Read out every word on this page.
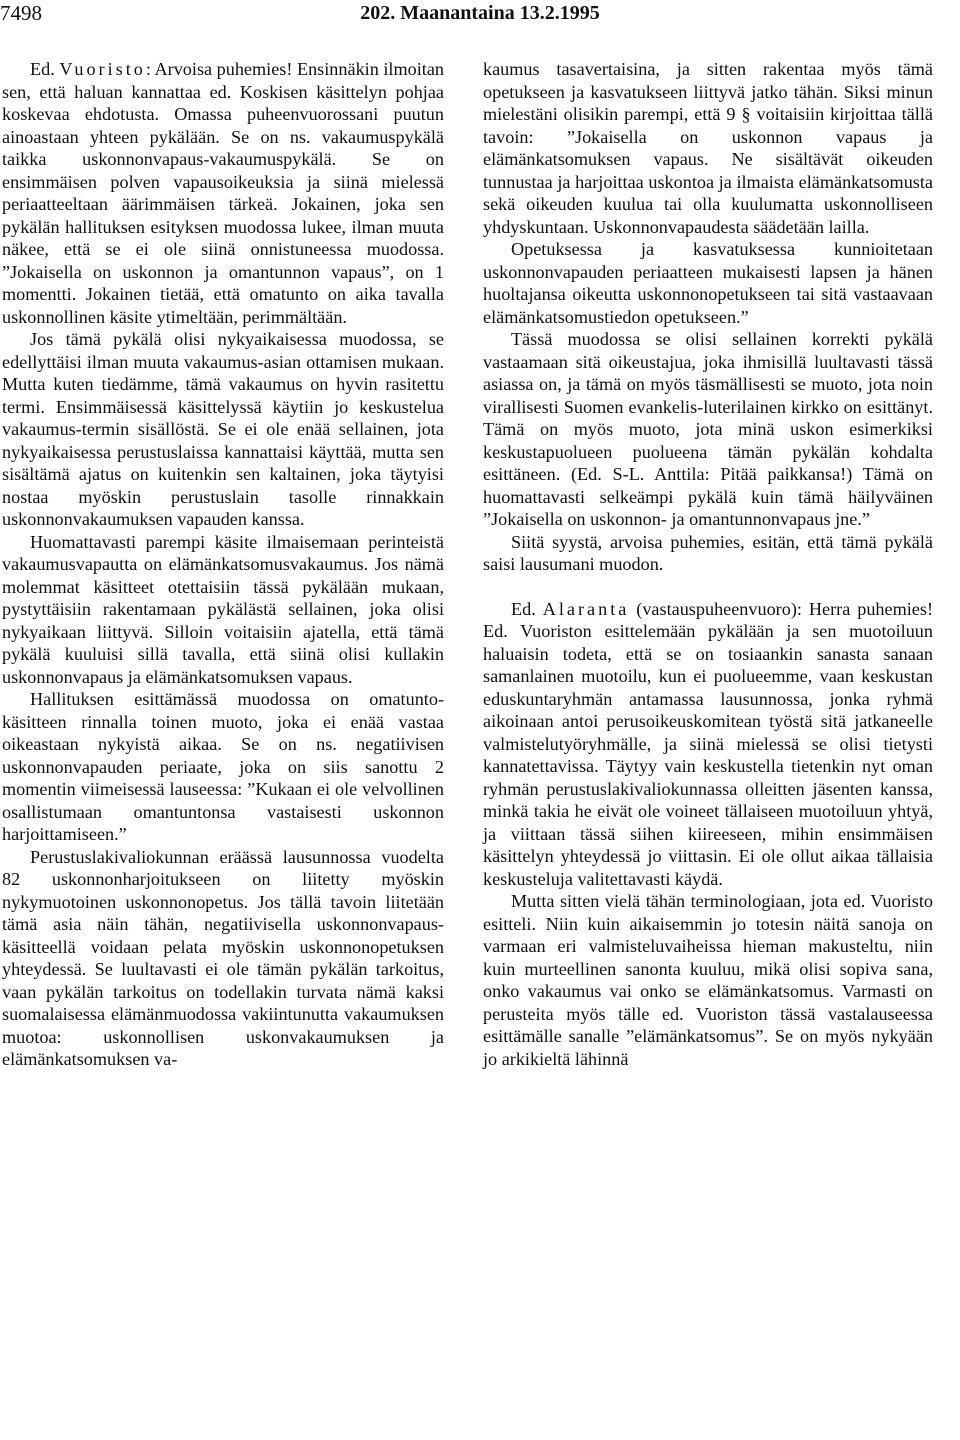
7498	202. Maanantaina 13.2.1995

Ed. Vuoristo: Arvoisa puhemies! Ensinnäkin ilmoitan sen, että haluan kannattaa ed. Koskisen käsittelyn pohjaa koskevaa ehdotusta. Omassa puheenvuorossani puutun ainoastaan yhteen pykälään. Se on ns. vakaumuspykälä taikka uskonnonvapaus-vakaumuspykälä. Se on ensimmäisen polven vapausoikeuksia ja siinä mielessä periaatteeltaan äärimmäisen tärkeä. Jokainen, joka sen pykälän hallituksen esityksen muodossa lukee, ilman muuta näkee, että se ei ole siinä onnistuneessa muodossa. ”Jokaisella on uskonnon ja omantunnon vapaus”, on 1 momentti. Jokainen tietää, että omatunto on aika tavalla uskonnollinen käsite ytimeltään, perimmältään.

Jos tämä pykälä olisi nykyaikaisessa muodossa, se edellyttäisi ilman muuta vakaumus-asian ottamisen mukaan. Mutta kuten tiedämme, tämä vakaumus on hyvin rasitettu termi. Ensimmäisessä käsittelyssä käytiin jo keskustelua vakaumus-termin sisällöstä. Se ei ole enää sellainen, jota nykyaikaisessa perustuslaissa kannattaisi käyttää, mutta sen sisältämä ajatus on kuitenkin sen kaltainen, joka täytyisi nostaa myöskin perustuslain tasolle rinnakkain uskonnonvakaumuksen vapauden kanssa.

Huomattavasti parempi käsite ilmaisemaan perinteistä vakaumusvapautta on elämänkatsomusvakaumus. Jos nämä molemmat käsitteet otettaisiin tässä pykälään mukaan, pystyttäisiin rakentamaan pykälästä sellainen, joka olisi nykyaikaan liittyvä. Silloin voitaisiin ajatella, että tämä pykälä kuuluisi sillä tavalla, että siinä olisi kullakin uskonnonvapaus ja elämänkatsomuksen vapaus.

Hallituksen esittämässä muodossa on omatunto-käsitteen rinnalla toinen muoto, joka ei enää vastaa oikeastaan nykyistä aikaa. Se on ns. negatiivisen uskonnonvapauden periaate, joka on siis sanottu 2 momentin viimeisessä lauseessa: ”Kukaan ei ole velvollinen osallistumaan omantuntonsa vastaisesti uskonnon harjoittamiseen.”

Perustuslakivaliokunnan eräässä lausunnossa vuodelta 82 uskonnonharjoitukseen on liitetty myöskin nykymuotoinen uskonnonopetus. Jos tällä tavoin liitetään tämä asia näin tähän, negatiivisella uskonnonvapaus-käsitteellä voidaan pelata myöskin uskonnonopetuksen yhteydessä. Se luultavasti ei ole tämän pykälän tarkoitus, vaan pykälän tarkoitus on todellakin turvata nämä kaksi suomalaisessa elämänmuodossa vakiintunutta vakaumuksen muotoa: uskonnollisen uskonvakaumuksen ja elämänkatsomuksen va-

kaumus tasavertaisina, ja sitten rakentaa myös tämä opetukseen ja kasvatukseen liittyvä jatko tähän. Siksi minun mielestäni olisikin parempi, että 9 § voitaisiin kirjoittaa tällä tavoin: ”Jokaisella on uskonnon vapaus ja elämänkatsomuksen vapaus. Ne sisältävät oikeuden tunnustaa ja harjoittaa uskontoa ja ilmaista elämänkatsomusta sekä oikeuden kuulua tai olla kuulumatta uskonnolliseen yhdyskuntaan. Uskonnonvapaudesta säädetään lailla.

Opetuksessa ja kasvatuksessa kunnioitetaan uskonnonvapauden periaatteen mukaisesti lapsen ja hänen huoltajansa oikeutta uskonnonopetukseen tai sitä vastaavaan elämänkatsomustiedon opetukseen.”

Tässä muodossa se olisi sellainen korrekti pykälä vastaamaan sitä oikeustajua, joka ihmisillä luultavasti tässä asiassa on, ja tämä on myös täsmällisesti se muoto, jota noin virallisesti Suomen evankelis-luterilainen kirkko on esittänyt. Tämä on myös muoto, jota minä uskon esimerkiksi keskustapuolueen puolueena tämän pykälän kohdalta esittäneen. (Ed. S-L. Anttila: Pitää paikkansa!) Tämä on huomattavasti selkeämpi pykälä kuin tämä häilyväinen ”Jokaisella on uskonnon- ja omantunnonvapaus jne.”

Siitä syystä, arvoisa puhemies, esitän, että tämä pykälä saisi lausumani muodon.

Ed. Alaranta (vastauspuheenvuoro): Herra puhemies! Ed. Vuoriston esittelemään pykälään ja sen muotoiluun haluaisin todeta, että se on tosiaankin sanasta sanaan samanlainen muotoilu, kun ei puolueemme, vaan keskustan eduskuntaryhmän antamassa lausunnossa, jonka ryhmä aikoinaan antoi perusoikeuskomitean työstä sitä jatkaneelle valmistelutyöryhmälle, ja siinä mielessä se olisi tietysti kannatettavissa. Täytyy vain keskustella tietenkin nyt oman ryhmän perustuslakivaliokunnassa olleitten jäsenten kanssa, minkä takia he eivät ole voineet tällaiseen muotoiluun yhtyä, ja viittaan tässä siihen kiireeseen, mihin ensimmäisen käsittelyn yhteydessä jo viittasin. Ei ole ollut aikaa tällaisia keskusteluja valitettavasti käydä.

Mutta sitten vielä tähän terminologiaan, jota ed. Vuoristo esitteli. Niin kuin aikaisemmin jo totesin näitä sanoja on varmaan eri valmisteluvaiheissa hieman makusteltu, niin kuin murteellinen sanonta kuuluu, mikä olisi sopiva sana, onko vakaumus vai onko se elämänkatsomus. Varmasti on perusteita myös tälle ed. Vuoriston tässä vastalauseessa esittämälle sanalle ”elämänkatsomus”. Se on myös nykyään jo arkikieltä lähinnä
